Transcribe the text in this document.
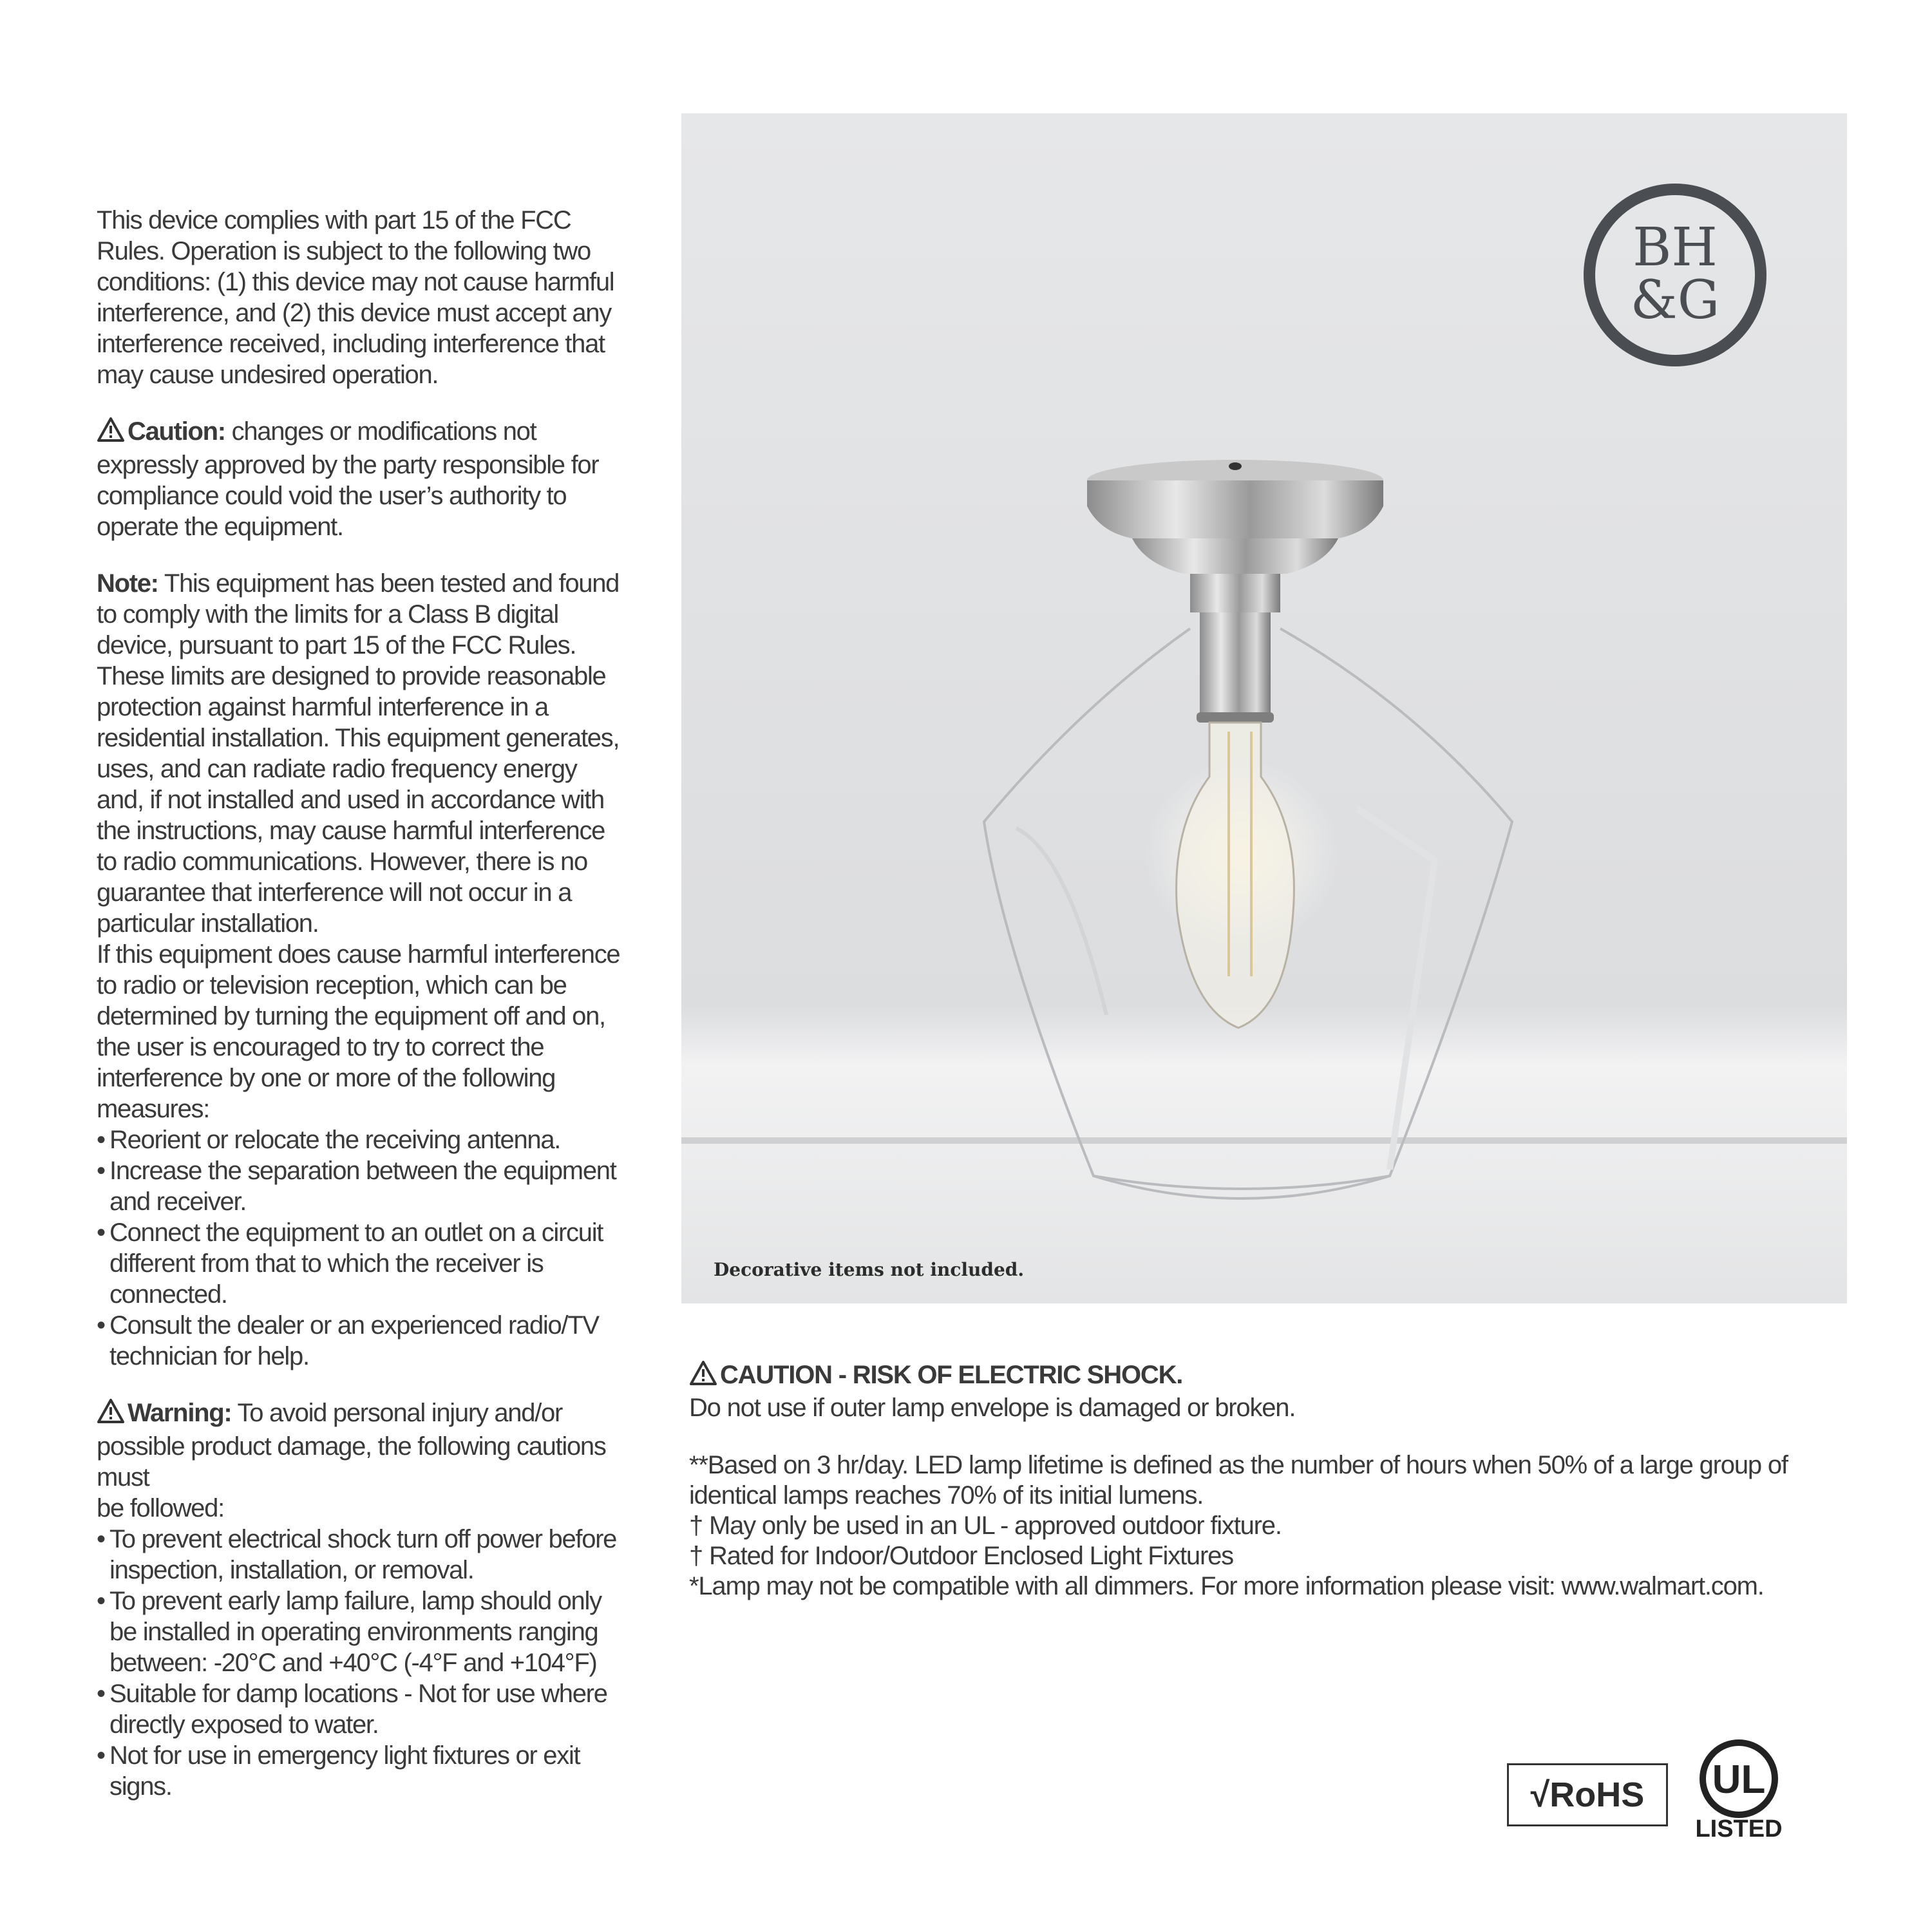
This device complies with part 15 of the FCC Rules. Operation is subject to the following two conditions: (1) this device may not cause harmful interference, and (2) this device must accept any interference received, including interference that may cause undesired operation.

Caution: changes or modifications not expressly approved by the party responsible for compliance could void the user’s authority to operate the equipment.

Note: This equipment has been tested and found to comply with the limits for a Class B digital device, pursuant to part 15 of the FCC Rules. These limits are designed to provide reasonable protection against harmful interference in a residential installation. This equipment generates, uses, and can radiate radio frequency energy and, if not installed and used in accordance with the instructions, may cause harmful interference to radio communications. However, there is no guarantee that interference will not occur in a particular installation.

If this equipment does cause harmful interference to radio or television reception, which can be determined by turning the equipment off and on, the user is encouraged to try to correct the interference by one or more of the following measures:

• Reorient or relocate the receiving antenna.
• Increase the separation between the equipment and receiver.
• Connect the equipment to an outlet on a circuit different from that to which the receiver is connected.
• Consult the dealer or an experienced radio/TV technician for help.

Warning: To avoid personal injury and/or possible product damage, the following cautions must

be followed:

• To prevent electrical shock turn off power before inspection, installation, or removal.
• To prevent early lamp failure, lamp should only be installed in operating environments ranging between: -20°C and +40°C (-4°F and +104°F)
• Suitable for damp locations - Not for use where directly exposed to water.
• Not for use in emergency light fixtures or exit signs.
BH
&G
Decorative items not included.

CAUTION - RISK OF ELECTRIC SHOCK.

Do not use if outer lamp envelope is damaged or broken.

**Based on 3 hr/day. LED lamp lifetime is defined as the number of hours when 50% of a large group of identical lamps reaches 70% of its initial lumens.

† May only be used in an UL - approved outdoor fixture.

† Rated for Indoor/Outdoor Enclosed Light Fixtures

*Lamp may not be compatible with all dimmers. For more information please visit: www.walmart.com.

√RoHS	UL
LISTED
